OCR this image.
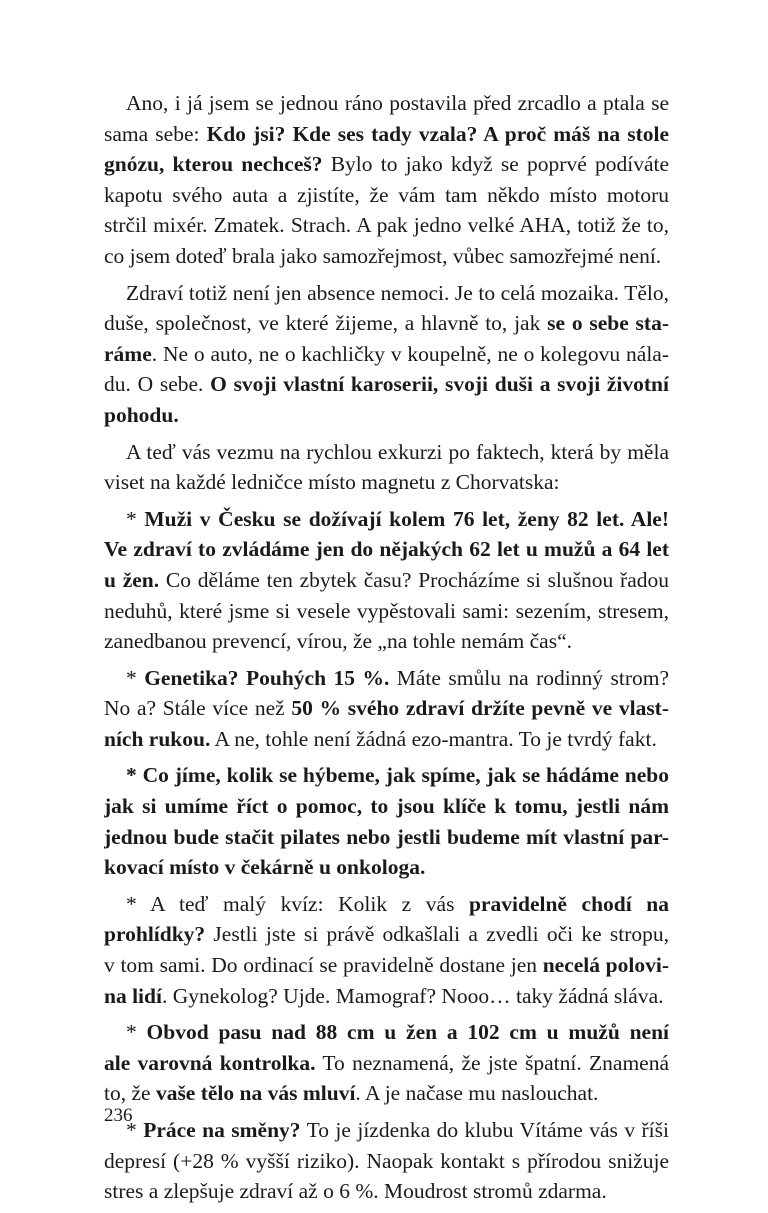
Ano, i já jsem se jednou ráno postavila před zrcadlo a ptala se
sama sebe: Kdo jsi? Kde ses tady vzala? A proč máš na stole
gnózu, kterou nechceš? Bylo to jako když se poprvé podíváte
kapotu svého auta a zjistíte, že vám tam někdo místo motoru
strčil mixér. Zmatek. Strach. A pak jedno velké AHA, totiž že to,
co jsem doteď brala jako samozřejmost, vůbec samozřejmé není.
Zdraví totiž není jen absence nemoci. Je to celá mozaika. Tělo,
duše, společnost, ve které žijeme, a hlavně to, jak se o sebe sta-
ráme. Ne o auto, ne o kachličky v koupelně, ne o kolegovu nála-
du. O sebe. O svoji vlastní karoserii, svoji duši a svoji životní
pohodu.
A teď vás vezmu na rychlou exkurzi po faktech, která by měla
viset na každé ledničce místo magnetu z Chorvatska:
* Muži v Česku se dožívají kolem 76 let, ženy 82 let. Ale!
Ve zdraví to zvládáme jen do nějakých 62 let u mužů a 64 let
u žen. Co děláme ten zbytek času? Procházíme si slušnou řadou
neduhů, které jsme si vesele vypěstovali sami: sezením, stresem,
zanedbanou prevencí, vírou, že „na tohle nemám čas“.
* Genetika? Pouhých 15 %. Máte smůlu na rodinný strom?
No a? Stále více než 50 % svého zdraví držíte pevně ve vlast-
ních rukou. A ne, tohle není žádná ezo-mantra. To je tvrdý fakt.
* Co jíme, kolik se hýbeme, jak spíme, jak se hádáme nebo
jak si umíme říct o pomoc, to jsou klíče k tomu, jestli nám
jednou bude stačit pilates nebo jestli budeme mít vlastní par-
kovací místo v čekárně u onkologa.
* A teď malý kvíz: Kolik z vás pravidelně chodí na
prohlídky? Jestli jste si právě odkašlali a zvedli oči ke stropu,
v tom sami. Do ordinací se pravidelně dostane jen necelá polovi-
na lidí. Gynekolog? Ujde. Mamograf? Nooo… taky žádná sláva.
* Obvod pasu nad 88 cm u žen a 102 cm u mužů není
ale varovná kontrolka. To neznamená, že jste špatní. Znamená
to, že vaše tělo na vás mluví. A je načase mu naslouchat.
* Práce na směny? To je jízdenka do klubu Vítáme vás v říši
depresí (+28 % vyšší riziko). Naopak kontakt s přírodou snižuje
stres a zlepšuje zdraví až o 6 %. Moudrost stromů zdarma.
236
